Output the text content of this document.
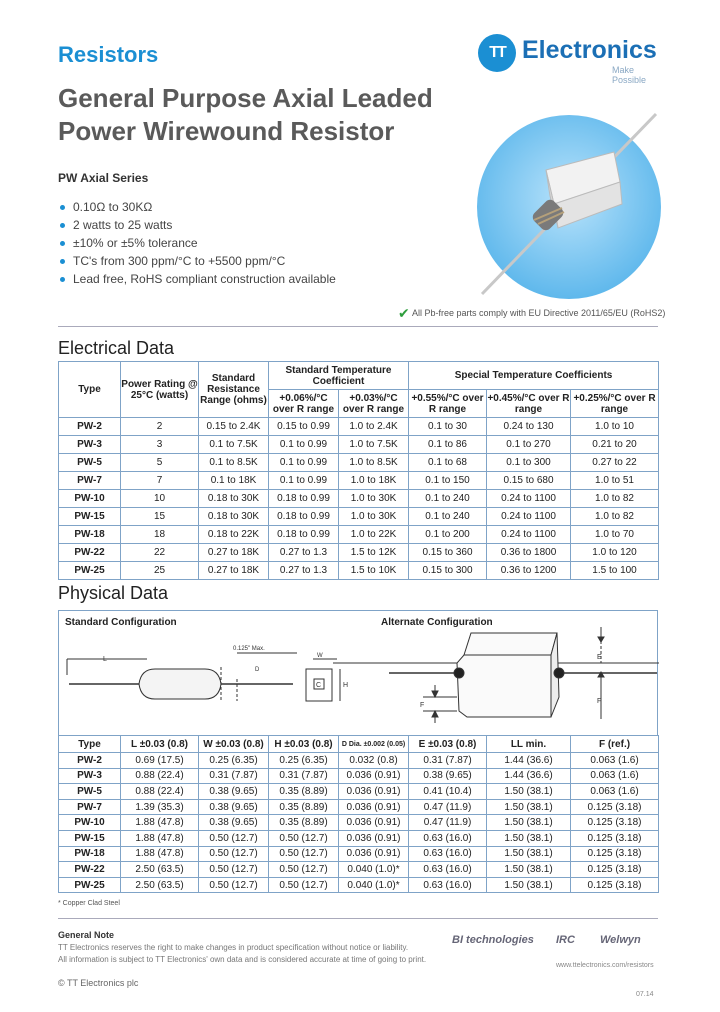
Resistors
General Purpose Axial Leaded Power Wirewound Resistor
PW Axial Series
TT Electronics
Make Possible
0.10Ω to 30KΩ
2 watts to 25 watts
±10% or ±5% tolerance
TC's from 300 ppm/°C to +5500 ppm/°C
Lead free, RoHS compliant construction available
✔ All Pb-free parts comply with EU Directive 2011/65/EU (RoHS2)
Electrical Data
Type	Power Rating @ 25°C (watts)	Standard Resistance Range (ohms)	Standard Temperature Coefficient		Special Temperature Coefficients		
			+0.06%/°C over R range	+0.03%/°C over R range	+0.55%/°C over R range	+0.45%/°C over R range	+0.25%/°C over R range
PW-2	2	0.15 to 2.4K	0.15 to 0.99	1.0 to 2.4K	0.1 to 30	0.24 to 130	1.0 to 10
PW-3	3	0.1 to 7.5K	0.1 to 0.99	1.0 to 7.5K	0.1 to 86	0.1 to 270	0.21 to 20
PW-5	5	0.1 to 8.5K	0.1 to 0.99	1.0 to 8.5K	0.1 to 68	0.1 to 300	0.27 to 22
PW-7	7	0.1 to 18K	0.1 to 0.99	1.0 to 18K	0.1 to 150	0.15 to 680	1.0 to 51
PW-10	10	0.18 to 30K	0.18 to 0.99	1.0 to 30K	0.1 to 240	0.24 to 1100	1.0 to 82
PW-15	15	0.18 to 30K	0.18 to 0.99	1.0 to 30K	0.1 to 240	0.24 to 1100	1.0 to 82
PW-18	18	0.18 to 22K	0.18 to 0.99	1.0 to 22K	0.1 to 200	0.24 to 1100	1.0 to 70
PW-22	22	0.27 to 18K	0.27 to 1.3	1.5 to 12K	0.15 to 360	0.36 to 1800	1.0 to 120
PW-25	25	0.27 to 18K	0.27 to 1.3	1.5 to 10K	0.15 to 300	0.36 to 1200	1.5 to 100
Physical Data
Standard Configuration	Alternate Configuration
L
0.125" Max.
D
W
C	H
F
E
F
Type	L ±0.03 (0.8)	W ±0.03 (0.8)	H ±0.03 (0.8)	D Dia. ±0.002 (0.05)	E ±0.03 (0.8)	LL min.	F (ref.)
PW-2	0.69 (17.5)	0.25 (6.35)	0.25 (6.35)	0.032 (0.8)	0.31 (7.87)	1.44 (36.6)	0.063 (1.6)
PW-3	0.88 (22.4)	0.31 (7.87)	0.31 (7.87)	0.036 (0.91)	0.38 (9.65)	1.44 (36.6)	0.063 (1.6)
PW-5	0.88 (22.4)	0.38 (9.65)	0.35 (8.89)	0.036 (0.91)	0.41 (10.4)	1.50 (38.1)	0.063 (1.6)
PW-7	1.39 (35.3)	0.38 (9.65)	0.35 (8.89)	0.036 (0.91)	0.47 (11.9)	1.50 (38.1)	0.125 (3.18)
PW-10	1.88 (47.8)	0.38 (9.65)	0.35 (8.89)	0.036 (0.91)	0.47 (11.9)	1.50 (38.1)	0.125 (3.18)
PW-15	1.88 (47.8)	0.50 (12.7)	0.50 (12.7)	0.036 (0.91)	0.63 (16.0)	1.50 (38.1)	0.125 (3.18)
PW-18	1.88 (47.8)	0.50 (12.7)	0.50 (12.7)	0.036 (0.91)	0.63 (16.0)	1.50 (38.1)	0.125 (3.18)
PW-22	2.50 (63.5)	0.50 (12.7)	0.50 (12.7)	0.040 (1.0)*	0.63 (16.0)	1.50 (38.1)	0.125 (3.18)
PW-25	2.50 (63.5)	0.50 (12.7)	0.50 (12.7)	0.040 (1.0)*	0.63 (16.0)	1.50 (38.1)	0.125 (3.18)
* Copper Clad Steel
General Note
TT Electronics reserves the right to make changes in product specification without notice or liability.
All information is subject to TT Electronics' own data and is considered accurate at time of going to print.
BI technologies IRC Welwyn
www.ttelectronics.com/resistors
© TT Electronics plc
07.14
